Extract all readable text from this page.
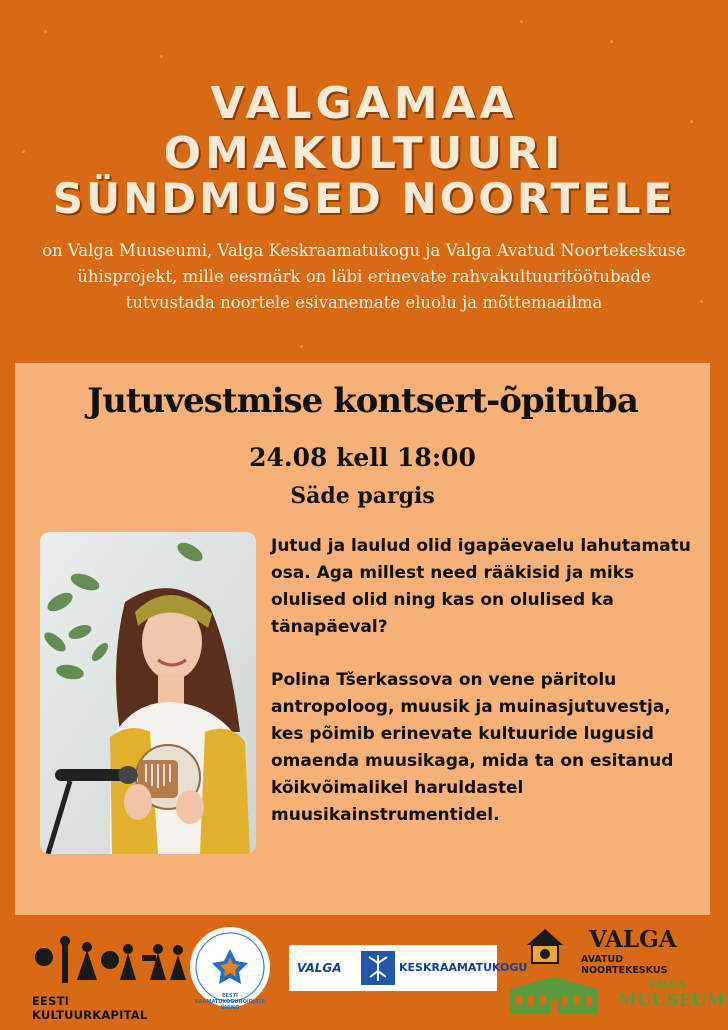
VALGAMAA
OMAKULTUURI
SÜNDMUSED NOORTELE
on Valga Muuseumi, Valga Keskraamatukogu ja Valga Avatud Noortekeskuse ühisprojekt, mille eesmärk on läbi erinevate rahvakultuuritöötubade tutvustada noortele esivanemate eluolu ja mõttemaailma
Jutuvestmise kontsert-õpituba
24.08 kell 18:00
Säde pargis

Jutud ja laulud olid igapäevaelu lahutamatu osa. Aga millest need rääkisid ja miks olulised olid ning kas on olulised ka tänapäeval?

Polina Tšerkassova on vene päritolu antropoloog, muusik ja muinasjutuvestja, kes põimib erinevate kultuuride lugusid omaenda muusikaga, mida ta on esitanud kõikvõimalikel haruldastel muusikainstrumentidel.

EESTI KULTUURKAPITAL
EESTI RAAMATUKOGUHOIDJATE ÜHING
VALGA	KESKRAAMATUKOGU
VALGA
AVATUD NOORTEKESKUS
VALGA
MUUSEUM
